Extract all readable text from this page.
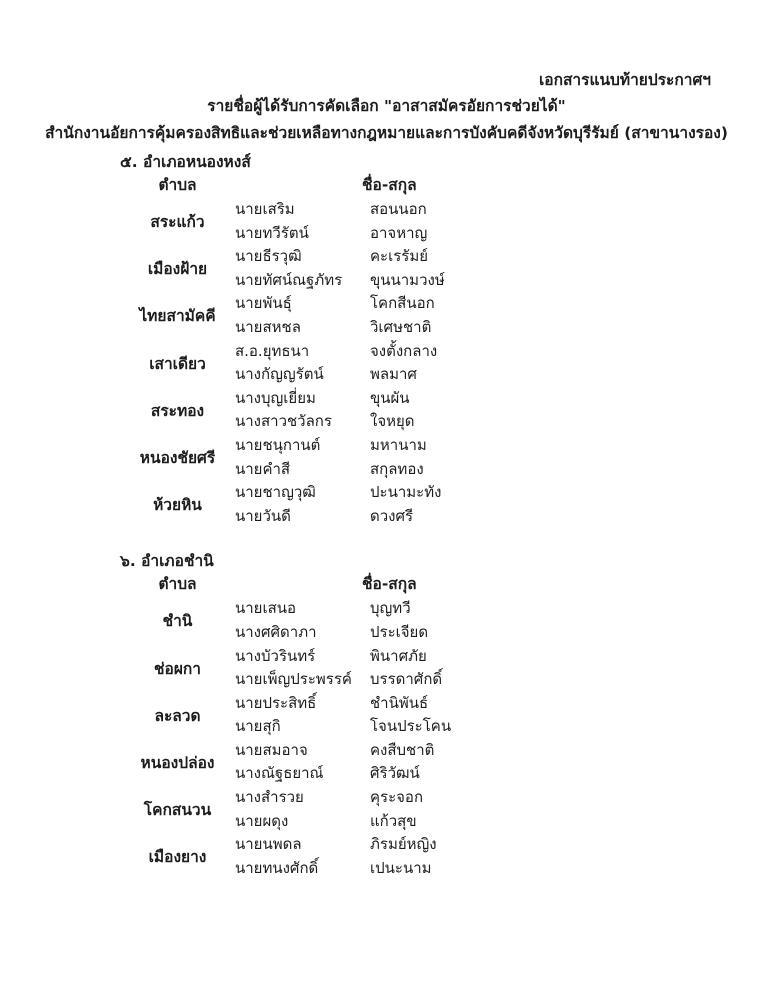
เอกสารแนบท้ายประกาศฯ
รายชื่อผู้ได้รับการคัดเลือก "อาสาสมัครอัยการช่วยได้"
สำนักงานอัยการคุ้มครองสิทธิและช่วยเหลือทางกฎหมายและการบังคับคดีจังหวัดบุรีรัมย์ (สาขานางรอง)
๕. อำเภอหนองหงส์
ตำบล	ชื่อ-สกุล
สระแก้ว
นายเสริม	สอนนอก
นายทวีรัตน์	อาจหาญ
เมืองฝ้าย
นายธีรวุฒิ	คะเรรัมย์
นายทัศน์ณฐภัทร	ขุนนามวงษ์
ไทยสามัคคี
นายพันธุ์	โคกสีนอก
นายสหชล	วิเศษชาติ
เสาเดียว
ส.อ.ยุทธนา	จงตั้งกลาง
นางกัญญรัตน์	พลมาศ
สระทอง
นางบุญเยี่ยม	ขุนผัน
นางสาวชวัลกร	ใจหยุด
หนองชัยศรี
นายชนุกานต์	มหานาม
นายคำสี	สกุลทอง
ห้วยหิน
นายชาญวุฒิ	ปะนามะทัง
นายวันดี	ดวงศรี
๖. อำเภอชำนิ
ตำบล	ชื่อ-สกุล
ชำนิ
นายเสนอ	บุญทวี
นางศศิดาภา	ประเจียด
ช่อผกา
นางบัวรินทร์	พินาศภัย
นายเพ็ญประพรรค์	บรรดาศักดิ์
ละลวด
นายประสิทธิ์	ชำนิพันธ์
นายสุกิ	โจนประโคน
หนองปล่อง
นายสมอาจ	คงสืบชาติ
นางณัฐธยาณ์	ศิริวัฒน์
โคกสนวน
นางสำรวย	คุระจอก
นายผดุง	แก้วสุข
เมืองยาง
นายนพดล	ภิรมย์หญิง
นายทนงศักดิ์	เปนะนาม
